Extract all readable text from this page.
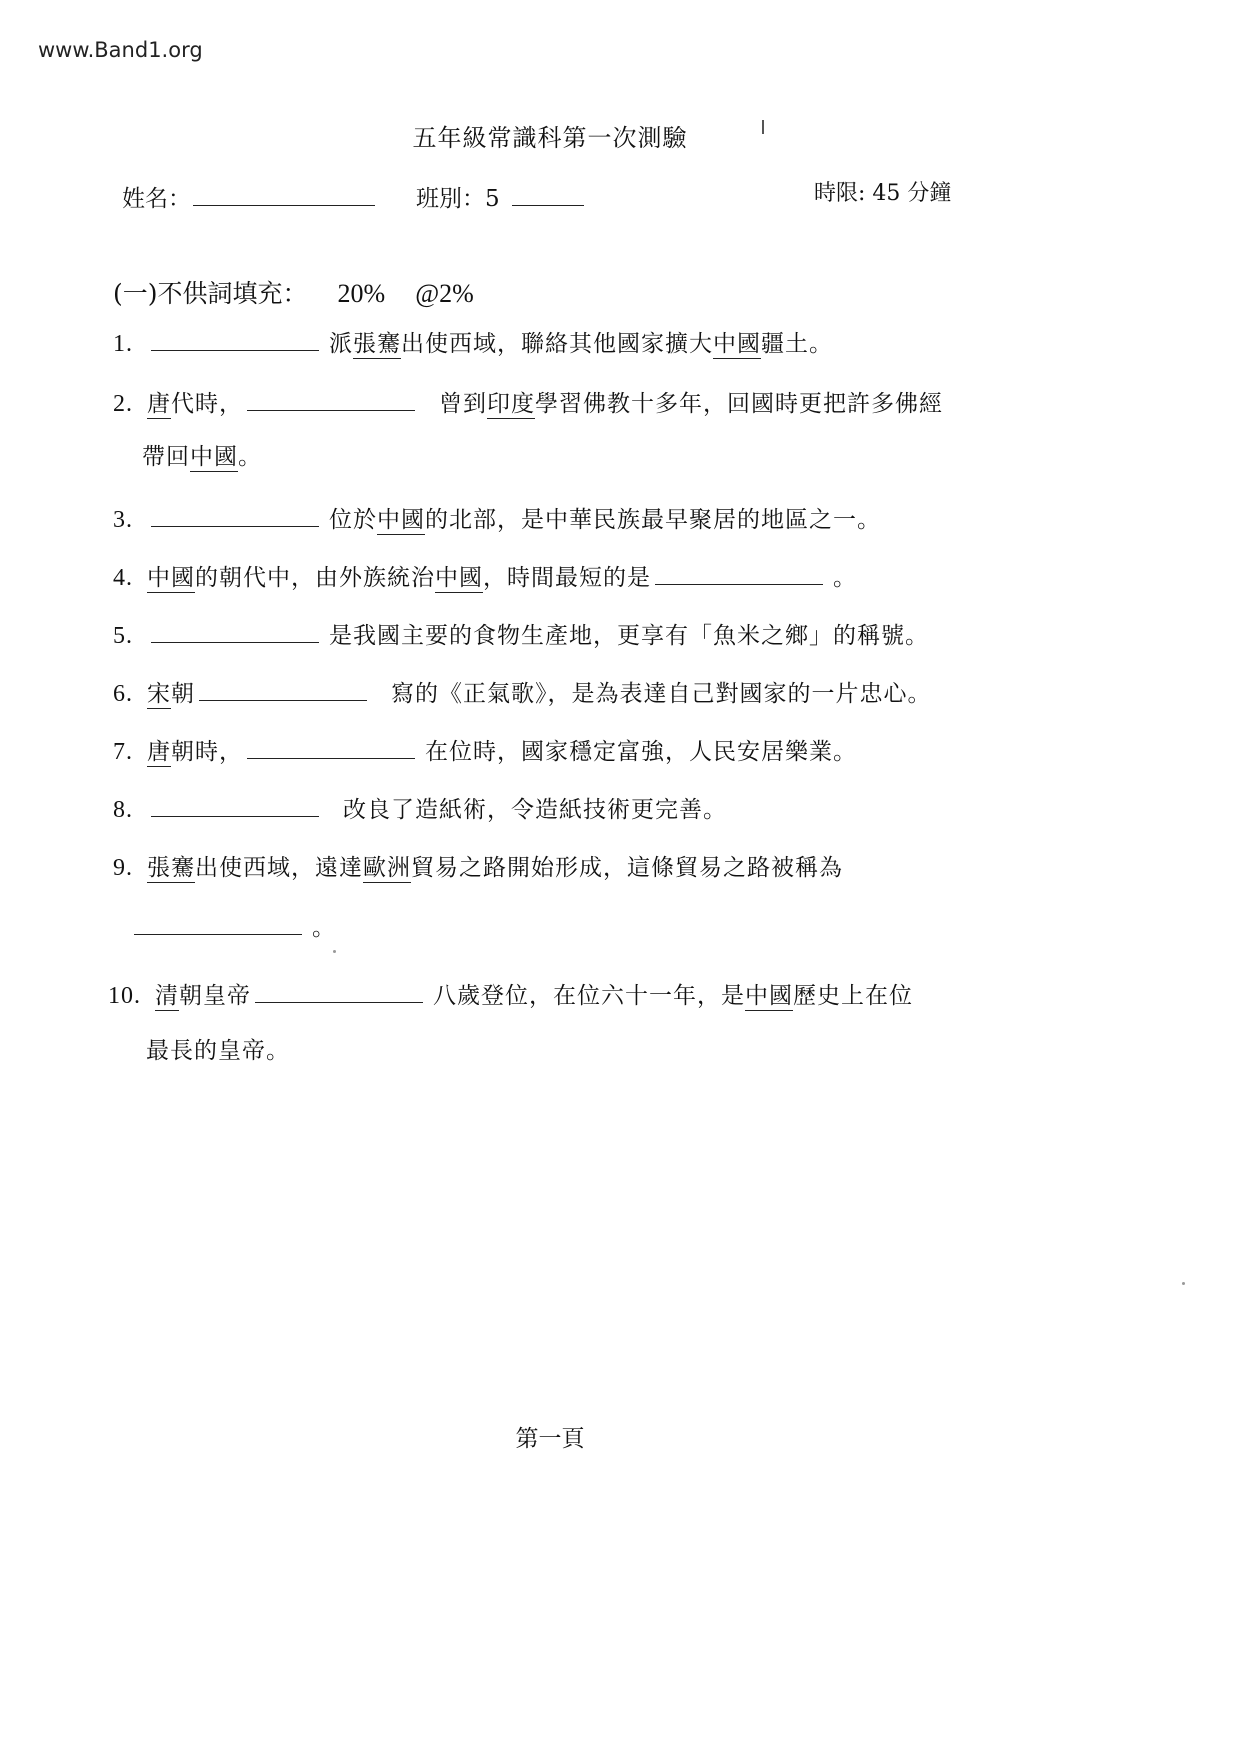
www.Band1.org
五年級常識科第一次測驗
姓名：	班別：5	時限: 45 分鐘
(一)不供詞填充： 20% @2%
1.	派張騫出使西域，聯絡其他國家擴大中國疆土。
2. 唐代時，	曾到印度學習佛教十多年，回國時更把許多佛經
帶回中國。
3.	位於中國的北部，是中華民族最早聚居的地區之一。
4. 中國的朝代中，由外族統治中國，時間最短的是	。
5.	是我國主要的食物生產地，更享有「魚米之鄉」的稱號。
6. 宋朝	寫的《正氣歌》，是為表達自己對國家的一片忠心。
7. 唐朝時，	在位時，國家穩定富強，人民安居樂業。
8.	改良了造紙術，令造紙技術更完善。
9. 張騫出使西域，遠達歐洲貿易之路開始形成，這條貿易之路被稱為
。
10. 清朝皇帝	八歲登位，在位六十一年，是中國歷史上在位
最長的皇帝。
第一頁
